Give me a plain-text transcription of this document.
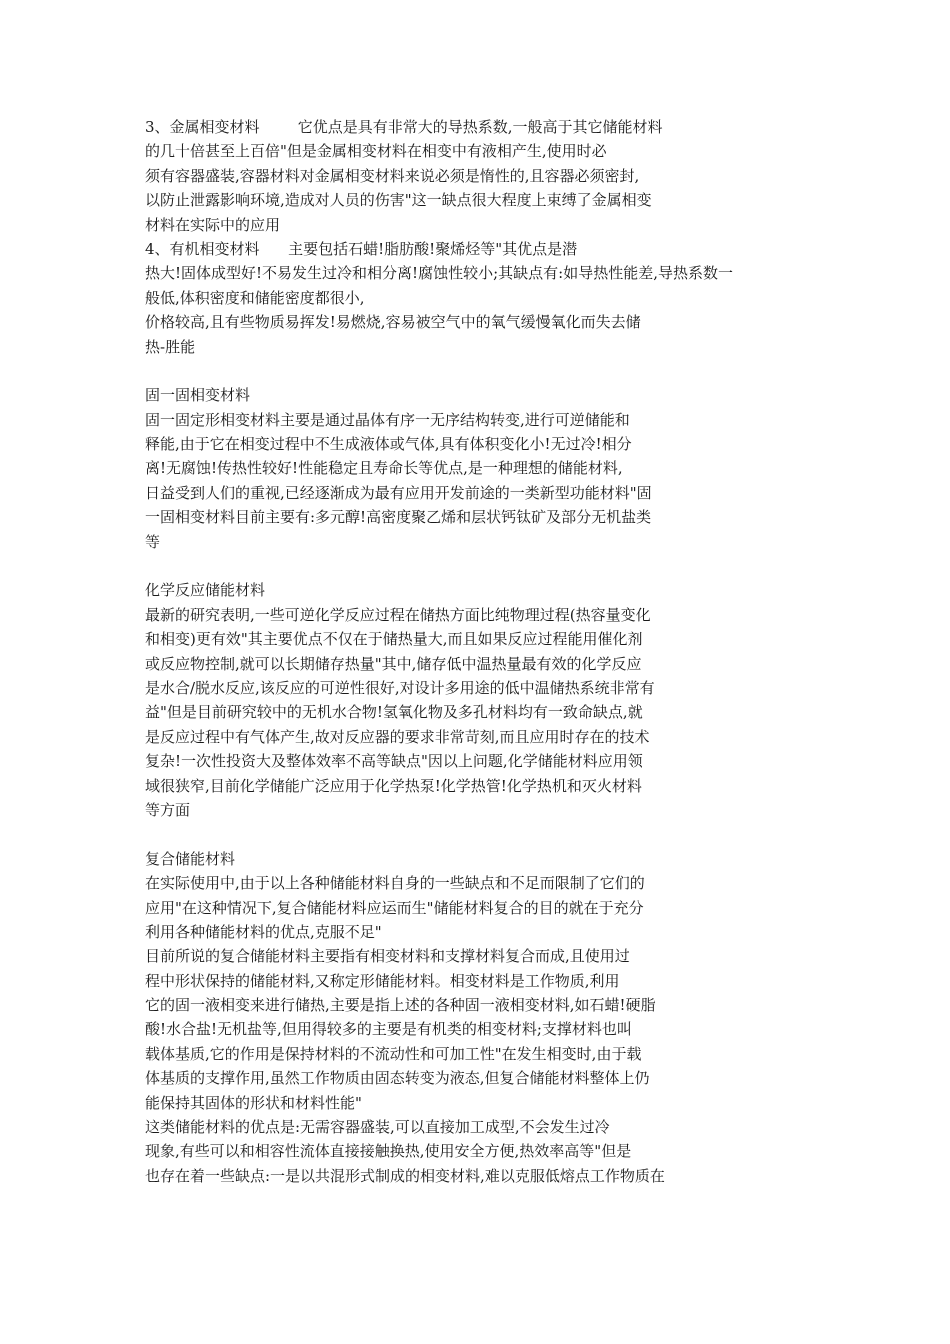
3、金属相变材料        它优点是具有非常大的导热系数,一般高于其它储能材料
的几十倍甚至上百倍"但是金属相变材料在相变中有液相产生,使用时必
须有容器盛装,容器材料对金属相变材料来说必须是惰性的,且容器必须密封,
以防止泄露影响环境,造成对人员的伤害"这一缺点很大程度上束缚了金属相变
材料在实际中的应用
4、有机相变材料      主要包括石蜡!脂肪酸!聚烯烃等"其优点是潜
热大!固体成型好!不易发生过冷和相分离!腐蚀性较小;其缺点有:如导热性能差,导热系数一
般低,体积密度和储能密度都很小,
价格较高,且有些物质易挥发!易燃烧,容易被空气中的氧气缓慢氧化而失去储
热-胜能
固一固相变材料
固一固定形相变材料主要是通过晶体有序一无序结构转变,进行可逆储能和
释能,由于它在相变过程中不生成液体或气体,具有体积变化小!无过冷!相分
离!无腐蚀!传热性较好!性能稳定且寿命长等优点,是一种理想的储能材料,
日益受到人们的重视,已经逐渐成为最有应用开发前途的一类新型功能材料"固
一固相变材料目前主要有:多元醇!高密度聚乙烯和层状钙钛矿及部分无机盐类
等
化学反应储能材料
最新的研究表明,一些可逆化学反应过程在储热方面比纯物理过程(热容量变化
和相变)更有效"其主要优点不仅在于储热量大,而且如果反应过程能用催化剂
或反应物控制,就可以长期储存热量"其中,储存低中温热量最有效的化学反应
是水合/脱水反应,该反应的可逆性很好,对设计多用途的低中温储热系统非常有
益"但是目前研究较中的无机水合物!氢氧化物及多孔材料均有一致命缺点,就
是反应过程中有气体产生,故对反应器的要求非常苛刻,而且应用时存在的技术
复杂!一次性投资大及整体效率不高等缺点"因以上问题,化学储能材料应用领
域很狭窄,目前化学储能广泛应用于化学热泵!化学热管!化学热机和灭火材料
等方面
复合储能材料
在实际使用中,由于以上各种储能材料自身的一些缺点和不足而限制了它们的
应用"在这种情况下,复合储能材料应运而生"储能材料复合的目的就在于充分
利用各种储能材料的优点,克服不足"
目前所说的复合储能材料主要指有相变材料和支撑材料复合而成,且使用过
程中形状保持的储能材料,又称定形储能材料。相变材料是工作物质,利用
它的固一液相变来进行储热,主要是指上述的各种固一液相变材料,如石蜡!硬脂
酸!水合盐!无机盐等,但用得较多的主要是有机类的相变材料;支撑材料也叫
载体基质,它的作用是保持材料的不流动性和可加工性"在发生相变时,由于载
体基质的支撑作用,虽然工作物质由固态转变为液态,但复合储能材料整体上仍
能保持其固体的形状和材料性能"
这类储能材料的优点是:无需容器盛装,可以直接加工成型,不会发生过冷
现象,有些可以和相容性流体直接接触换热,使用安全方便,热效率高等"但是
也存在着一些缺点:一是以共混形式制成的相变材料,难以克服低熔点工作物质在
